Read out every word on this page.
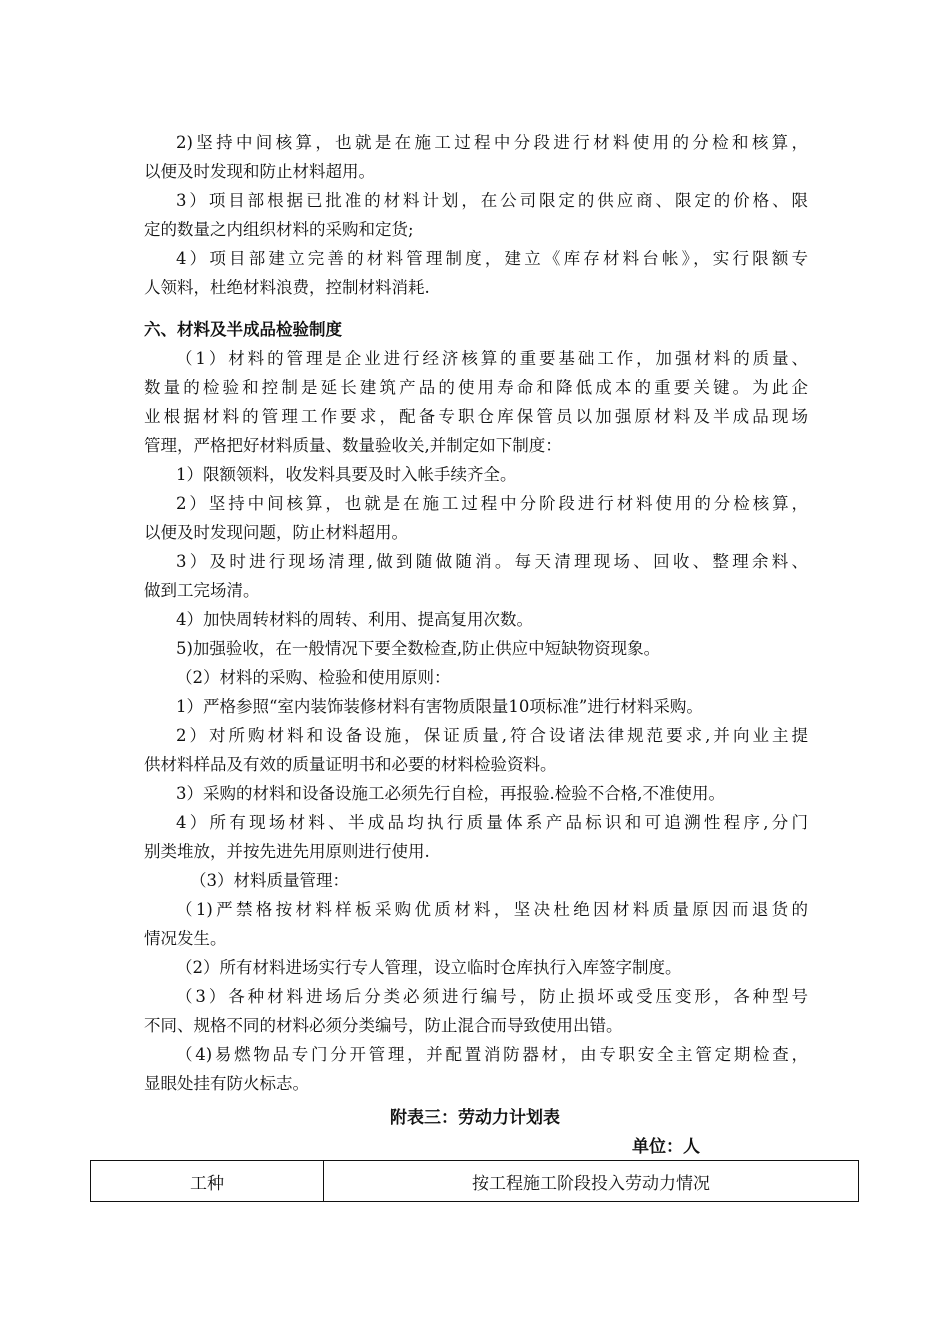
2)坚持中间核算，也就是在施工过程中分段进行材料使用的分检和核算，
以便及时发现和防止材料超用。
3）项目部根据已批准的材料计划，在公司限定的供应商、限定的价格、限
定的数量之内组织材料的采购和定货;
4）项目部建立完善的材料管理制度，建立《库存材料台帐》，实行限额专
人领料，杜绝材料浪费，控制材料消耗.
六、材料及半成品检验制度
（1）材料的管理是企业进行经济核算的重要基础工作，加强材料的质量、
数量的检验和控制是延长建筑产品的使用寿命和降低成本的重要关键。为此企
业根据材料的管理工作要求，配备专职仓库保管员以加强原材料及半成品现场
管理，严格把好材料质量、数量验收关,并制定如下制度：
1）限额领料，收发料具要及时入帐手续齐全。
2）坚持中间核算，也就是在施工过程中分阶段进行材料使用的分检核算，
以便及时发现问题，防止材料超用。
3）及时进行现场清理,做到随做随消。每天清理现场、回收、整理余料、
做到工完场清。
4）加快周转材料的周转、利用、提高复用次数。
5)加强验收，在一般情况下要全数检查,防止供应中短缺物资现象。
（2）材料的采购、检验和使用原则：
1）严格参照“室内装饰装修材料有害物质限量10项标准”进行材料采购。
2）对所购材料和设备设施，保证质量,符合设诸法律规范要求,并向业主提
供材料样品及有效的质量证明书和必要的材料检验资料。
3）采购的材料和设备设施工必须先行自检，再报验.检验不合格,不准使用。
4）所有现场材料、半成品均执行质量体系产品标识和可追溯性程序,分门
别类堆放，并按先进先用原则进行使用.
（3）材料质量管理：
（1)严禁格按材料样板采购优质材料，坚决杜绝因材料质量原因而退货的
情况发生。
（2）所有材料进场实行专人管理，设立临时仓库执行入库签字制度。
（3）各种材料进场后分类必须进行编号，防止损坏或受压变形，各种型号
不同、规格不同的材料必须分类编号，防止混合而导致使用出错。
（4)易燃物品专门分开管理，并配置消防器材，由专职安全主管定期检查，
显眼处挂有防火标志。
附表三：劳动力计划表
单位：人
工种	按工程施工阶段投入劳动力情况
